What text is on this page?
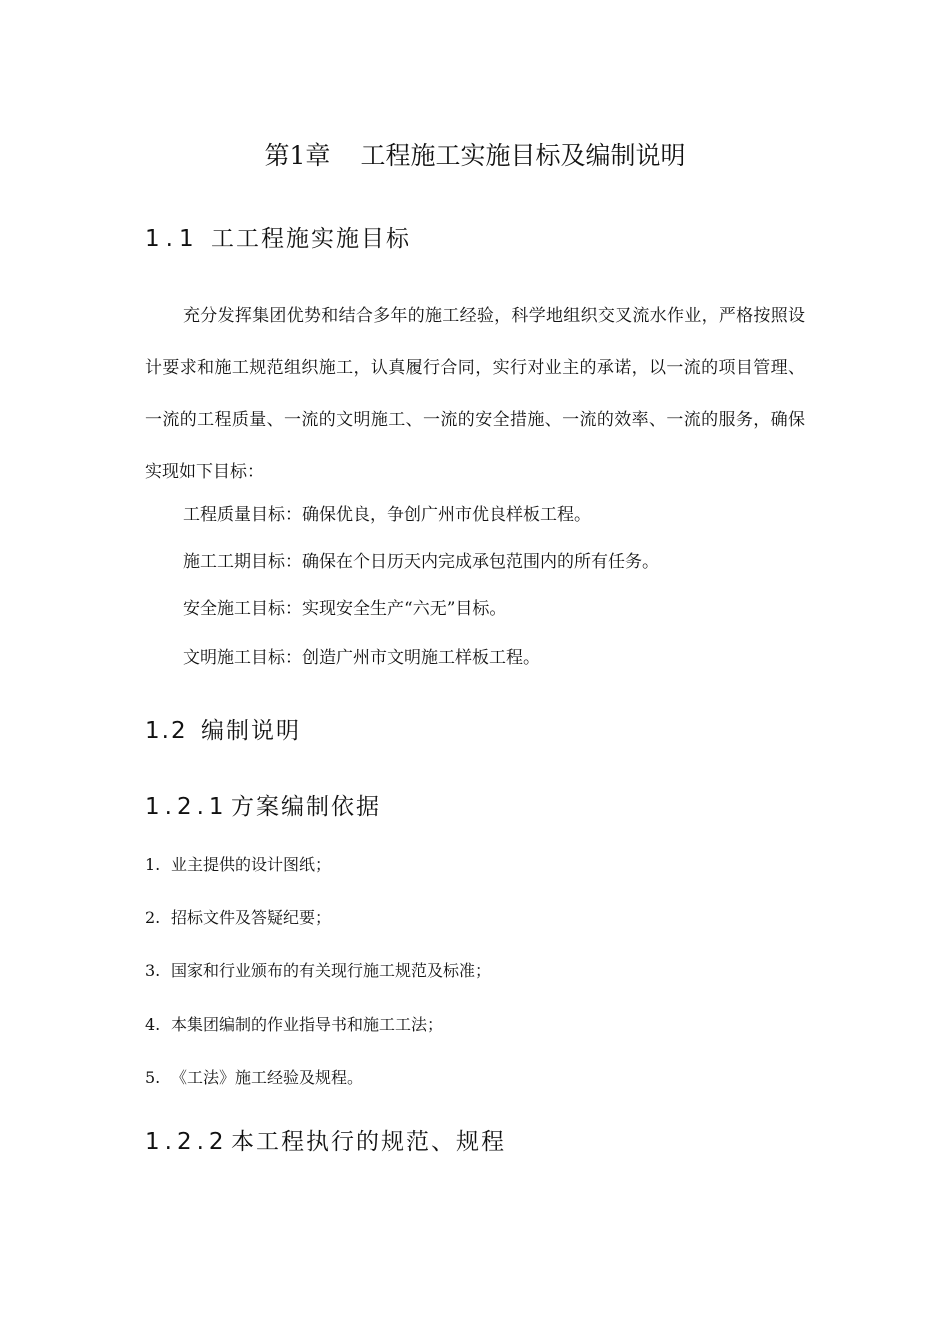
第1章 工程施工实施目标及编制说明
1.1 工工程施实施目标
充分发挥集团优势和结合多年的施工经验，科学地组织交叉流水作业，严格按照设计要求和施工规范组织施工，认真履行合同，实行对业主的承诺，以一流的项目管理、一流的工程质量、一流的文明施工、一流的安全措施、一流的效率、一流的服务，确保实现如下目标：
工程质量目标：确保优良，争创广州市优良样板工程。
施工工期目标：确保在个日历天内完成承包范围内的所有任务。
安全施工目标：实现安全生产“六无”目标。
文明施工目标：创造广州市文明施工样板工程。
1.2 编制说明
1.2.1 方案编制依据
1. 业主提供的设计图纸；
2. 招标文件及答疑纪要；
3. 国家和行业颁布的有关现行施工规范及标准；
4. 本集团编制的作业指导书和施工工法；
5. 《工法》施工经验及规程。
1.2.2 本工程执行的规范、规程
